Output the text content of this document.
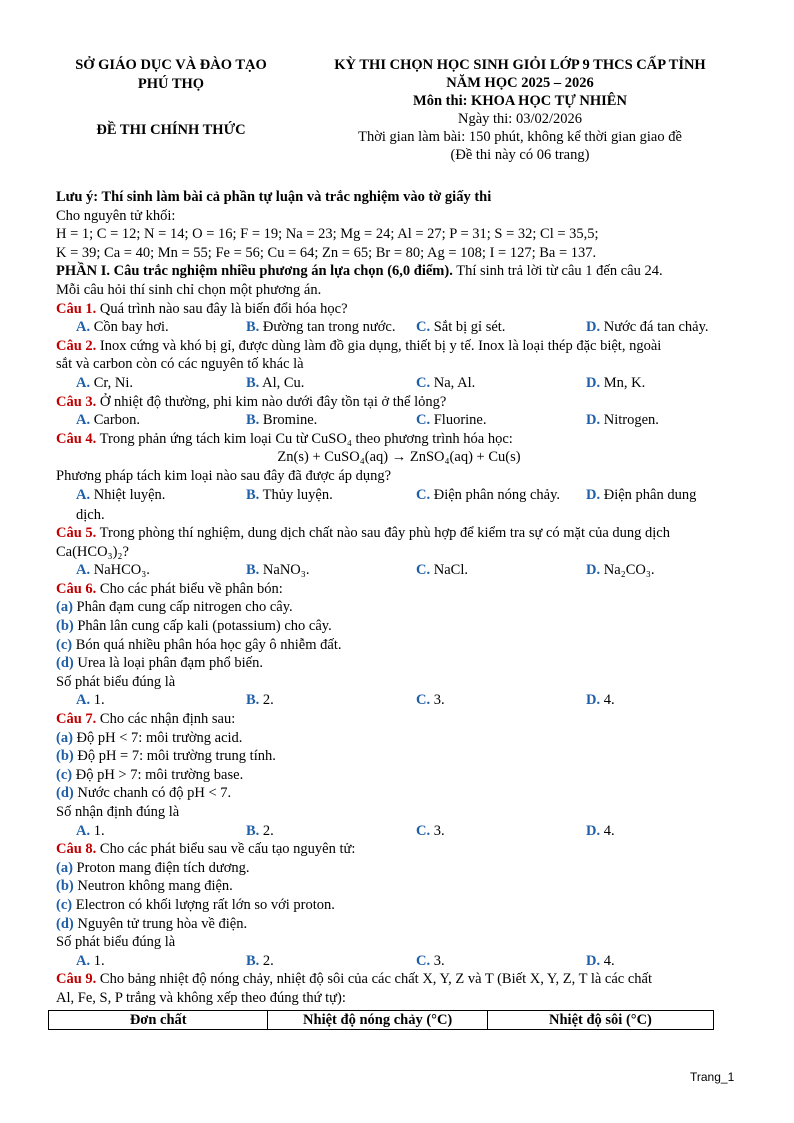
SỞ GIÁO DỤC VÀ ĐÀO TẠO
PHÚ THỌ
ĐỀ THI CHÍNH THỨC
KỲ THI CHỌN HỌC SINH GIỎI LỚP 9 THCS CẤP TỈNH
NĂM HỌC 2025 – 2026
Môn thi: KHOA HỌC TỰ NHIÊN
Ngày thi: 03/02/2026
Thời gian làm bài: 150 phút, không kể thời gian giao đề
(Đề thi này có 06 trang)

Lưu ý: Thí sinh làm bài cả phần tự luận và trắc nghiệm vào tờ giấy thi

Cho nguyên tử khối:

H = 1; C = 12; N = 14; O = 16; F = 19; Na = 23; Mg = 24; Al = 27; P = 31; S = 32; Cl = 35,5;

K = 39; Ca = 40; Mn = 55; Fe = 56; Cu = 64; Zn = 65; Br = 80; Ag = 108; I = 127; Ba = 137.

PHẦN I. Câu trắc nghiệm nhiều phương án lựa chọn (6,0 điểm). Thí sinh trả lời từ câu 1 đến câu 24.

Mỗi câu hỏi thí sinh chỉ chọn một phương án.

Câu 1. Quá trình nào sau đây là biến đổi hóa học?

A. Cồn bay hơi.	B. Đường tan trong nước. C. Sắt bị gỉ sét.	D. Nước đá tan chảy.

Câu 2. Inox cứng và khó bị gỉ, được dùng làm đồ gia dụng, thiết bị y tế. Inox là loại thép đặc biệt, ngoài

sắt và carbon còn có các nguyên tố khác là

A. Cr, Ni.	B. Al, Cu.	C. Na, Al.	D. Mn, K.

Câu 3. Ở nhiệt độ thường, phi kim nào dưới đây tồn tại ở thể lỏng?

A. Carbon.	B. Bromine.	C. Fluorine.	D. Nitrogen.

Câu 4. Trong phản ứng tách kim loại Cu từ CuSO₄ theo phương trình hóa học:

Zn(s) + CuSO₄(aq) → ZnSO₄(aq) + Cu(s)

Phương pháp tách kim loại nào sau đây đã được áp dụng?

A. Nhiệt luyện.	B. Thủy luyện.	C. Điện phân nóng chảy. D. Điện phân dung

dịch.

Câu 5. Trong phòng thí nghiệm, dung dịch chất nào sau đây phù hợp để kiểm tra sự có mặt của dung dịch

Ca(HCO₃)₂?

A. NaHCO₃.	B. NaNO₃.	C. NaCl.	D. Na₂CO₃.

Câu 6. Cho các phát biểu về phân bón:

(a) Phân đạm cung cấp nitrogen cho cây.

(b) Phân lân cung cấp kali (potassium) cho cây.

(c) Bón quá nhiều phân hóa học gây ô nhiễm đất.

(d) Urea là loại phân đạm phổ biến.

Số phát biểu đúng là

A. 1.	B. 2.	C. 3.	D. 4.

Câu 7. Cho các nhận định sau:

(a) Độ pH < 7: môi trường acid.

(b) Độ pH = 7: môi trường trung tính.

(c) Độ pH > 7: môi trường base.

(d) Nước chanh có độ pH < 7.

Số nhận định đúng là

A. 1.	B. 2.	C. 3.	D. 4.

Câu 8. Cho các phát biểu sau về cấu tạo nguyên tử:

(a) Proton mang điện tích dương.

(b) Neutron không mang điện.

(c) Electron có khối lượng rất lớn so với proton.

(d) Nguyên tử trung hòa về điện.

Số phát biểu đúng là

A. 1.	B. 2.	C. 3.	D. 4.

Câu 9. Cho bảng nhiệt độ nóng chảy, nhiệt độ sôi của các chất X, Y, Z và T (Biết X, Y, Z, T là các chất

Al, Fe, S, P trắng và không xếp theo đúng thứ tự):

Đơn chất	Nhiệt độ nóng chảy (°C)	Nhiệt độ sôi (°C)
Trang_1
